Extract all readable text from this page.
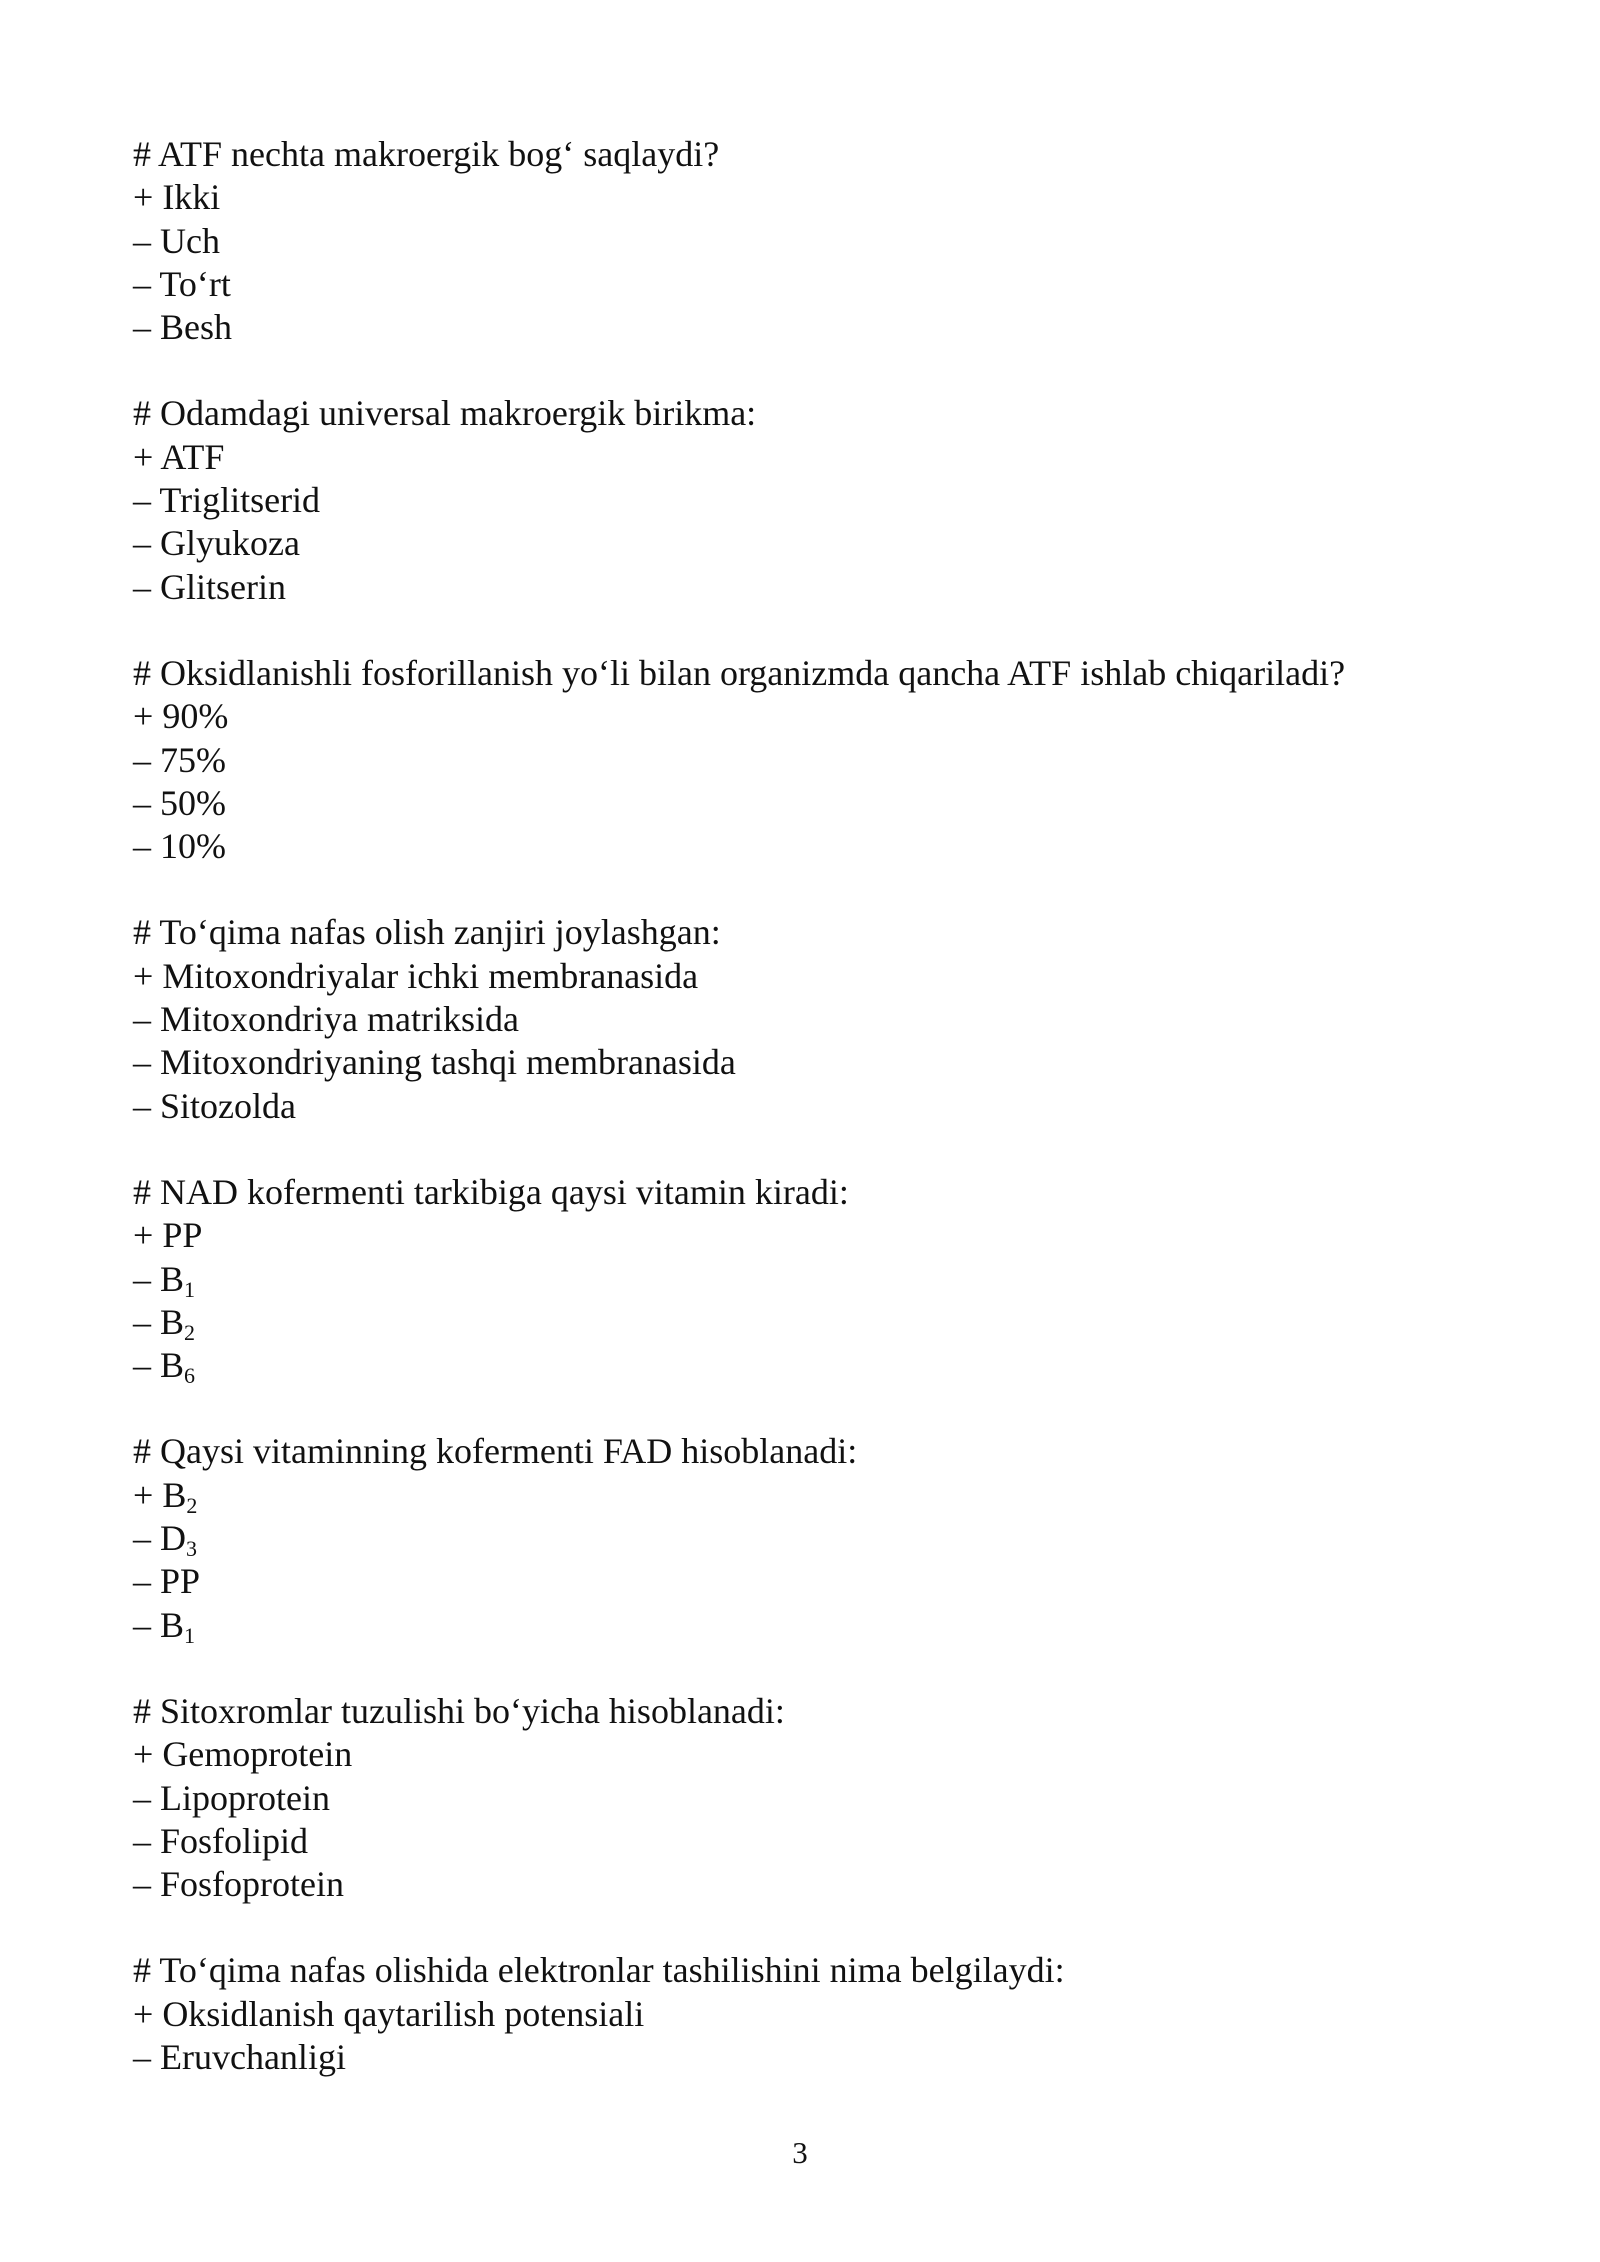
# ATF nechta makroergik bog‘ saqlaydi?
+ Ikki
– Uch
– To‘rt
– Besh
# Odamdagi universal makroergik birikma:
+ ATF
– Triglitserid
– Glyukoza
– Glitserin
# Oksidlanishli fosforillanish yo‘li bilan organizmda qancha ATF ishlab chiqariladi?
+ 90%
– 75%
– 50%
– 10%
# To‘qima nafas olish zanjiri joylashgan:
+ Mitoxondriyalar ichki membranasida
– Mitoxondriya matriksida
– Mitoxondriyaning tashqi membranasida
– Sitozolda
# NAD kofermenti tarkibiga qaysi vitamin kiradi:
+ PP
– $B_1$
– $B_2$
– $B_6$
# Qaysi vitaminning kofermenti FAD hisoblanadi:
+ $B_2$
– $D_3$
– PP
– $B_1$
# Sitoxromlar tuzulishi bo‘yicha hisoblanadi:
+ Gemoprotein
– Lipoprotein
– Fosfolipid
– Fosfoprotein
# To‘qima nafas olishida elektronlar tashilishini nima belgilaydi:
+ Oksidlanish qaytarilish potensiali
– Eruvchanligi
3
